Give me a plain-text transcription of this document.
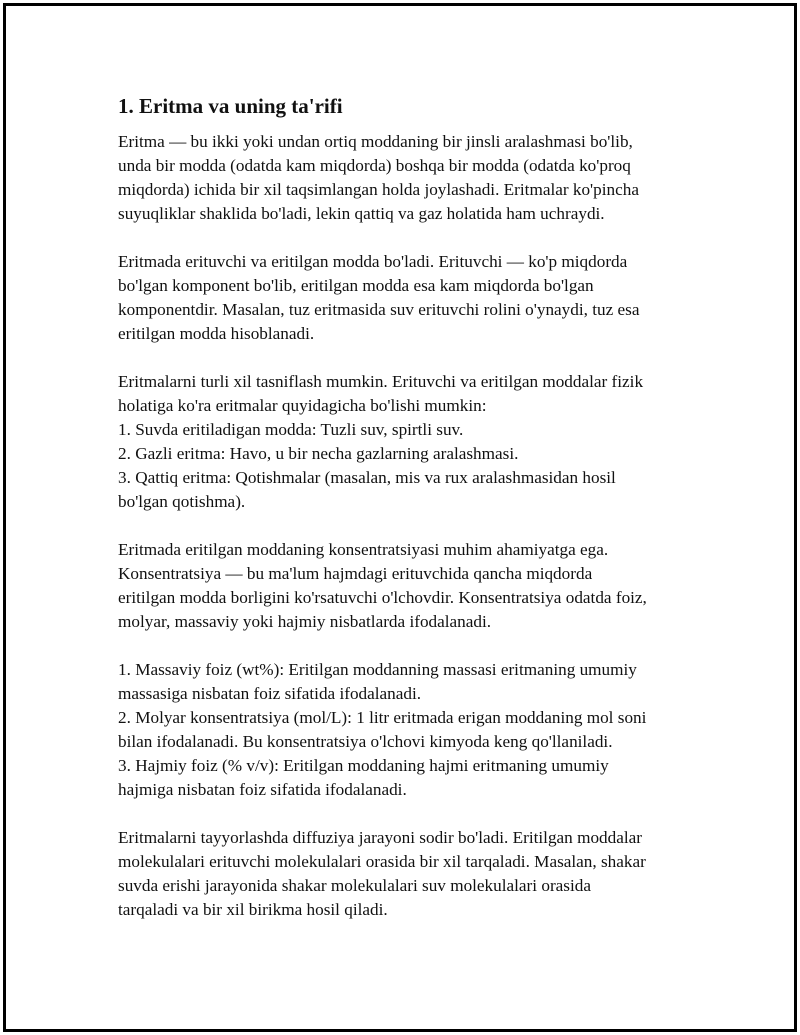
1. Eritma va uning ta'rifi

Eritma — bu ikki yoki undan ortiq moddaning bir jinsli aralashmasi bo'lib,
unda bir modda (odatda kam miqdorda) boshqa bir modda (odatda ko'proq
miqdorda) ichida bir xil taqsimlangan holda joylashadi. Eritmalar ko'pincha
suyuqliklar shaklida bo'ladi, lekin qattiq va gaz holatida ham uchraydi.

Eritmada erituvchi va eritilgan modda bo'ladi. Erituvchi — ko'p miqdorda
bo'lgan komponent bo'lib, eritilgan modda esa kam miqdorda bo'lgan
komponentdir. Masalan, tuz eritmasida suv erituvchi rolini o'ynaydi, tuz esa
eritilgan modda hisoblanadi.

Eritmalarni turli xil tasniflash mumkin. Erituvchi va eritilgan moddalar fizik
holatiga ko'ra eritmalar quyidagicha bo'lishi mumkin:
1. Suvda eritiladigan modda: Tuzli suv, spirtli suv.
2. Gazli eritma: Havo, u bir necha gazlarning aralashmasi.
3. Qattiq eritma: Qotishmalar (masalan, mis va rux aralashmasidan hosil
bo'lgan qotishma).

Eritmada eritilgan moddaning konsentratsiyasi muhim ahamiyatga ega.
Konsentratsiya — bu ma'lum hajmdagi erituvchida qancha miqdorda
eritilgan modda borligini ko'rsatuvchi o'lchovdir. Konsentratsiya odatda foiz,
molyar, massaviy yoki hajmiy nisbatlarda ifodalanadi.

1. Massaviy foiz (wt%): Eritilgan moddanning massasi eritmaning umumiy
massasiga nisbatan foiz sifatida ifodalanadi.
2. Molyar konsentratsiya (mol/L): 1 litr eritmada erigan moddaning mol soni
bilan ifodalanadi. Bu konsentratsiya o'lchovi kimyoda keng qo'llaniladi.
3. Hajmiy foiz (% v/v): Eritilgan moddaning hajmi eritmaning umumiy
hajmiga nisbatan foiz sifatida ifodalanadi.

Eritmalarni tayyorlashda diffuziya jarayoni sodir bo'ladi. Eritilgan moddalar
molekulalari erituvchi molekulalari orasida bir xil tarqaladi. Masalan, shakar
suvda erishi jarayonida shakar molekulalari suv molekulalari orasida
tarqaladi va bir xil birikma hosil qiladi.
